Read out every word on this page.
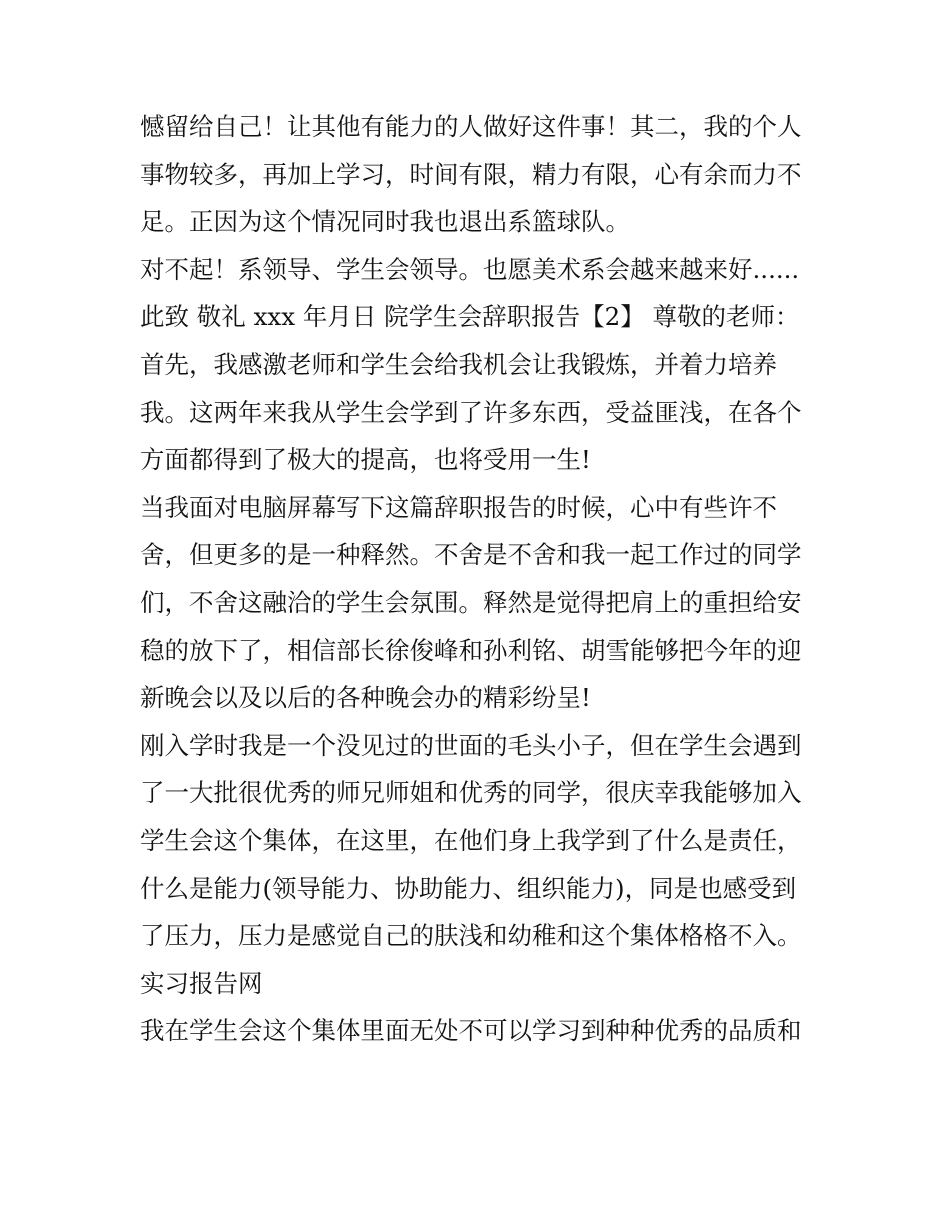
憾留给自己！让其他有能力的人做好这件事！其二，我的个人
事物较多，再加上学习，时间有限，精力有限，心有余而力不
足。正因为这个情况同时我也退出系篮球队。
对不起！系领导、学生会领导。也愿美术系会越来越来好......
此致 敬礼 xxx 年月日 院学生会辞职报告【2】 尊敬的老师：
首先，我感激老师和学生会给我机会让我锻炼，并着力培养
我。这两年来我从学生会学到了许多东西，受益匪浅，在各个
方面都得到了极大的提高，也将受用一生!
当我面对电脑屏幕写下这篇辞职报告的时候，心中有些许不
舍，但更多的是一种释然。不舍是不舍和我一起工作过的同学
们，不舍这融洽的学生会氛围。释然是觉得把肩上的重担给安
稳的放下了，相信部长徐俊峰和孙利铭、胡雪能够把今年的迎
新晚会以及以后的各种晚会办的精彩纷呈!
刚入学时我是一个没见过的世面的毛头小子，但在学生会遇到
了一大批很优秀的师兄师姐和优秀的同学，很庆幸我能够加入
学生会这个集体，在这里，在他们身上我学到了什么是责任，
什么是能力(领导能力、协助能力、组织能力)，同是也感受到
了压力，压力是感觉自己的肤浅和幼稚和这个集体格格不入。
实习报告网
我在学生会这个集体里面无处不可以学习到种种优秀的品质和
